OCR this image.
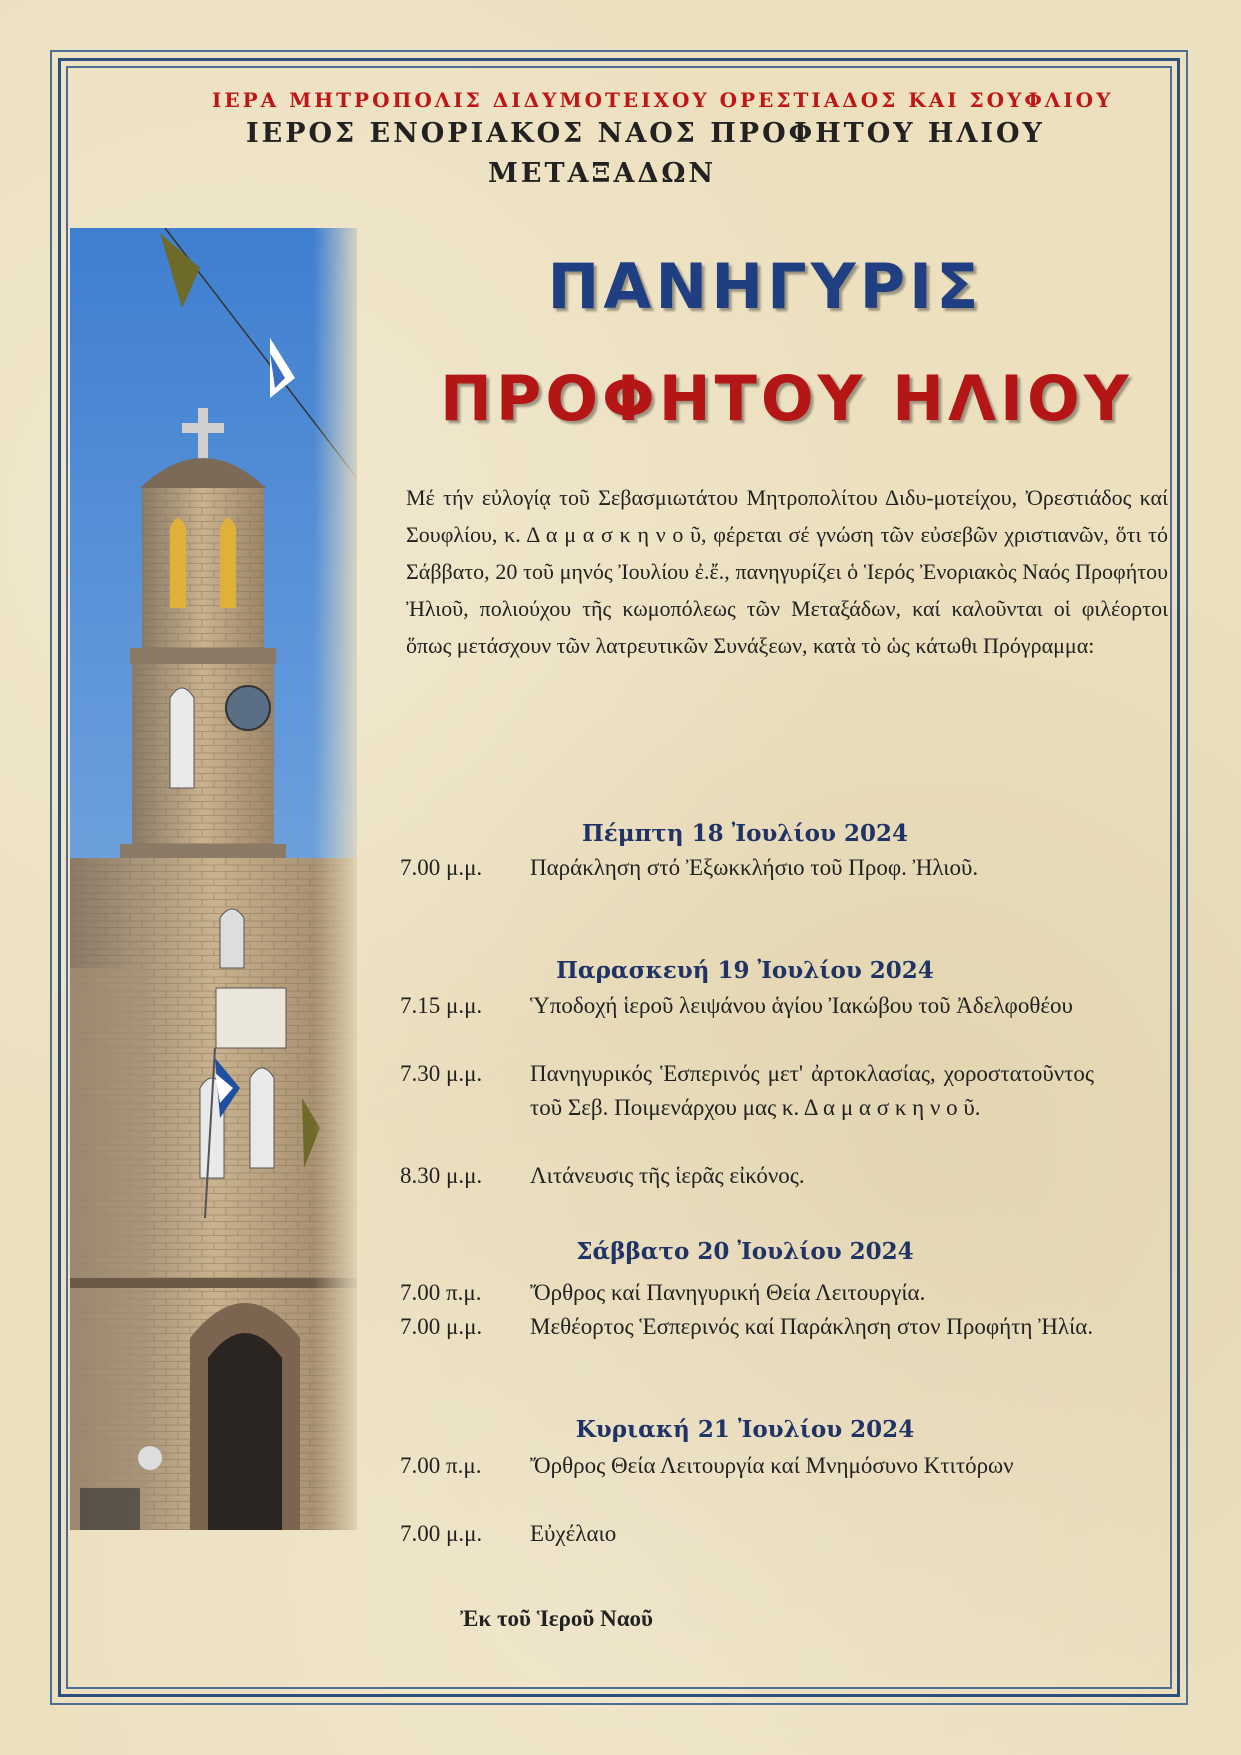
ΙΕΡΑ ΜΗΤΡΟΠΟΛΙΣ ΔΙΔΥΜΟΤΕΙΧΟΥ ΟΡΕΣΤΙΑΔΟΣ ΚΑΙ ΣΟΥΦΛΙΟΥ
ΙΕΡΟΣ ΕΝΟΡΙΑΚΟΣ ΝΑΟΣ ΠΡΟΦΗΤΟΥ ΗΛΙΟΥ
ΜΕΤΑΞΑΔΩΝ
ΠΑΝΗΓΥΡΙΣ
ΠΡΟΦΗΤΟΥ ΗΛΙΟΥ
Μέ τήν εὐλογίᾳ τοῦ Σεβασμιωτάτου Μητροπολίτου Διδυ-μοτείχου, Ὀρεστιάδος καί Σουφλίου, κ. Δ α μ α σ κ η ν ο ῦ, φέρεται σέ γνώση τῶν εὐσεβῶν χριστιανῶν, ὅτι τό Σάββατο, 20 τοῦ μηνός Ἰουλίου ἐ.ἔ., πανηγυρίζει ὁ Ἱερός Ἐνοριακὸς Ναός Προφήτου Ἠλιοῦ, πολιούχου τῆς κωμοπόλεως τῶν Μεταξάδων, καί καλοῦνται οἱ φιλέορτοι ὅπως μετάσχουν τῶν λατρευτικῶν Συνάξεων, κατὰ τὸ ὡς κάτωθι Πρόγραμμα:
Πέμπτη 18 Ἰουλίου 2024
7.00 μ.μ.	Παράκληση στό Ἐξωκκλήσιο τοῦ Προφ. Ἠλιοῦ.
Παρασκευή 19 Ἰουλίου 2024
7.15 μ.μ.	Ὑποδοχή ἱεροῦ λειψάνου ἁγίου Ἰακώβου τοῦ Ἀδελφοθέου
7.30 μ.μ.	Πανηγυρικός Ἑσπερινός μετ' ἀρτοκλασίας, χοροστατοῦντος τοῦ Σεβ. Ποιμενάρχου μας κ. Δ α μ α σ κ η ν ο ῦ.
8.30 μ.μ.	Λιτάνευσις τῆς ἱερᾶς εἰκόνος.
Σάββατο 20 Ἰουλίου 2024
7.00 π.μ.	Ὄρθρος καί Πανηγυρική Θεία Λειτουργία.
7.00 μ.μ.	Μεθέορτος Ἑσπερινός καί Παράκληση στον Προφήτη Ἠλία.
Κυριακή 21 Ἰουλίου 2024
7.00 π.μ.	Ὄρθρος Θεία Λειτουργία καί Μνημόσυνο Κτιτόρων
7.00 μ.μ.	Εὐχέλαιο
Ἐκ τοῦ Ἱεροῦ Ναοῦ
